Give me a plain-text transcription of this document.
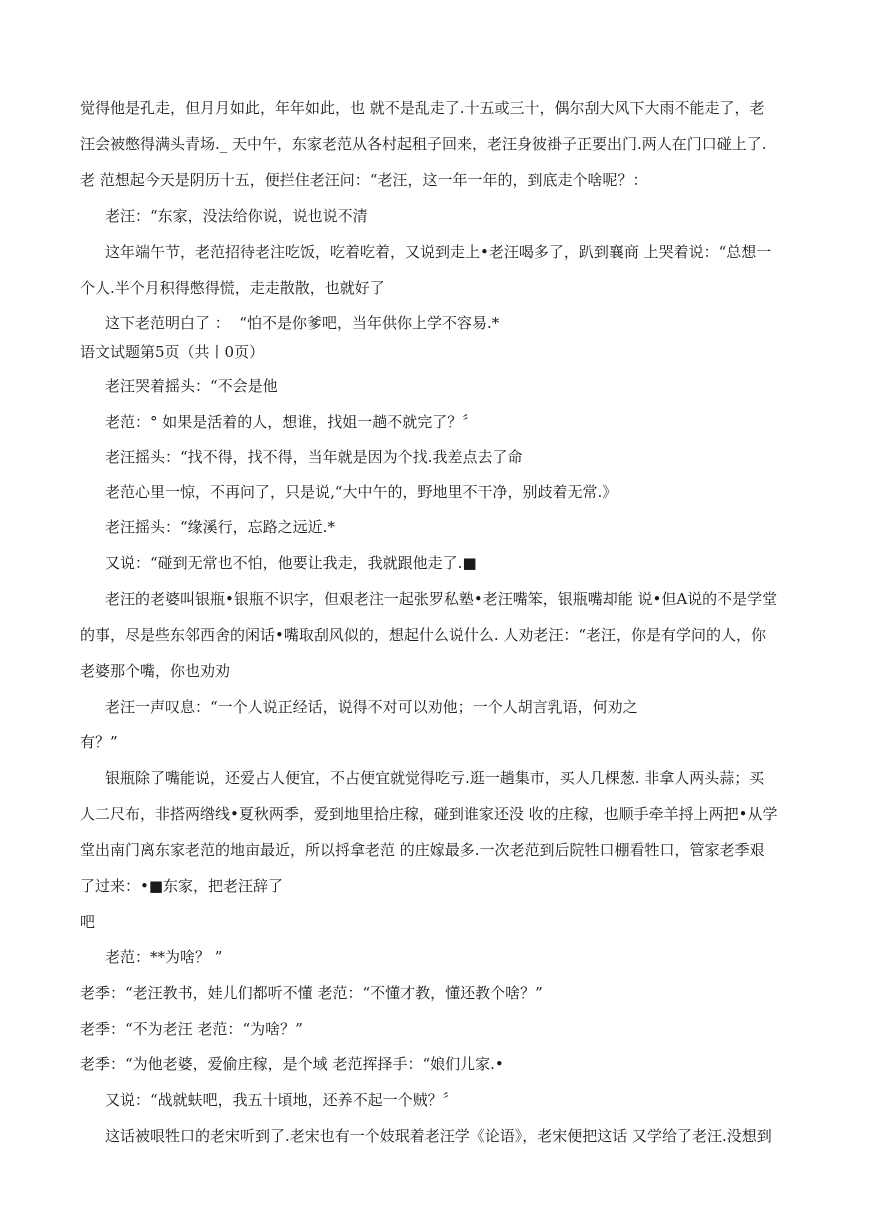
觉得他是孔走，但月月如此，年年如此，也 就不是乱走了.十五或三十，偶尔刮大风下大雨不能走了，老
汪会被憋得满头青场._ 天中午，东家老范从各村起租子回来，老汪身彼褂子正要出门.两人在门口碰上了.
老 范想起今天是阴历十五，便拦住老汪问：“老汪，这一年一年的，到底走个啥呢？：
老汪：“东家，没法给你说，说也说不清
这年端午节，老范招待老注吃饭，吃着吃着，又说到走上•老汪喝多了，趴到襄商 上哭着说：“总想一
个人.半个月积得憋得慌，走走散散，也就好了
这下老范明白了 ：  “怕不是你爹吧，当年供你上学不容易.*
语文试题第5页（共丨0页）
老汪哭着摇头：“不会是他
老范：° 如果是活着的人，想谁，找姐一趟不就完了？〞
老汪摇头：“找不得，找不得，当年就是因为个找.我差点去了命
老范心里一惊，不再问了，只是说‚“大中午的，野地里不干净，别歧着无常.》
老汪摇头：“缘溪行，忘路之远近.*
又说：“碰到无常也不怕，他要让我走，我就跟他走了.■
老汪的老婆叫银瓶•银瓶不识字，但艰老注一起张罗私塾•老汪嘴笨，银瓶嘴却能 说•但A说的不是学堂
的事，尽是些东邻西舍的闲话•嘴取刮风似的，想起什么说什么. 人劝老汪：“老汪，你是有学问的人，你
老婆那个嘴，你也劝劝
老汪一声叹息：“一个人说正经话，说得不对可以劝他；一个人胡言乳语，何劝之
有？”
银瓶除了嘴能说，还爱占人便宜，不占便宜就觉得吃亏.逛一趟集市，买人几棵葱. 非拿人两头蒜；买
人二尺布，非搭两绺线•夏秋两季，爱到地里拾庄稼，碰到谁家还没 收的庄稼，也顺手牵羊捋上两把•从学
堂出南门离东家老范的地亩最近，所以捋拿老范 的庄嫁最多.一次老范到后院牲口棚看牲口，管家老季艰
了过来：•■东家，把老汪辞了
吧
老范：**为啥？ ”
老季：“老汪教书，娃儿们都听不懂 老范：“不懂才教，懂还教个啥？”
老季：“不为老汪 老范：“为啥？”
老季：“为他老婆，爱偷庄稼，是个域 老范挥择手：“娘们儿家.•
又说：“战就蚨吧，我五十頃地，还养不起一个贼？〞
这话被哏牲口的老宋听到了.老宋也有一个妓珉着老汪学《论语》，老宋便把这话 又学给了老汪.没想到
